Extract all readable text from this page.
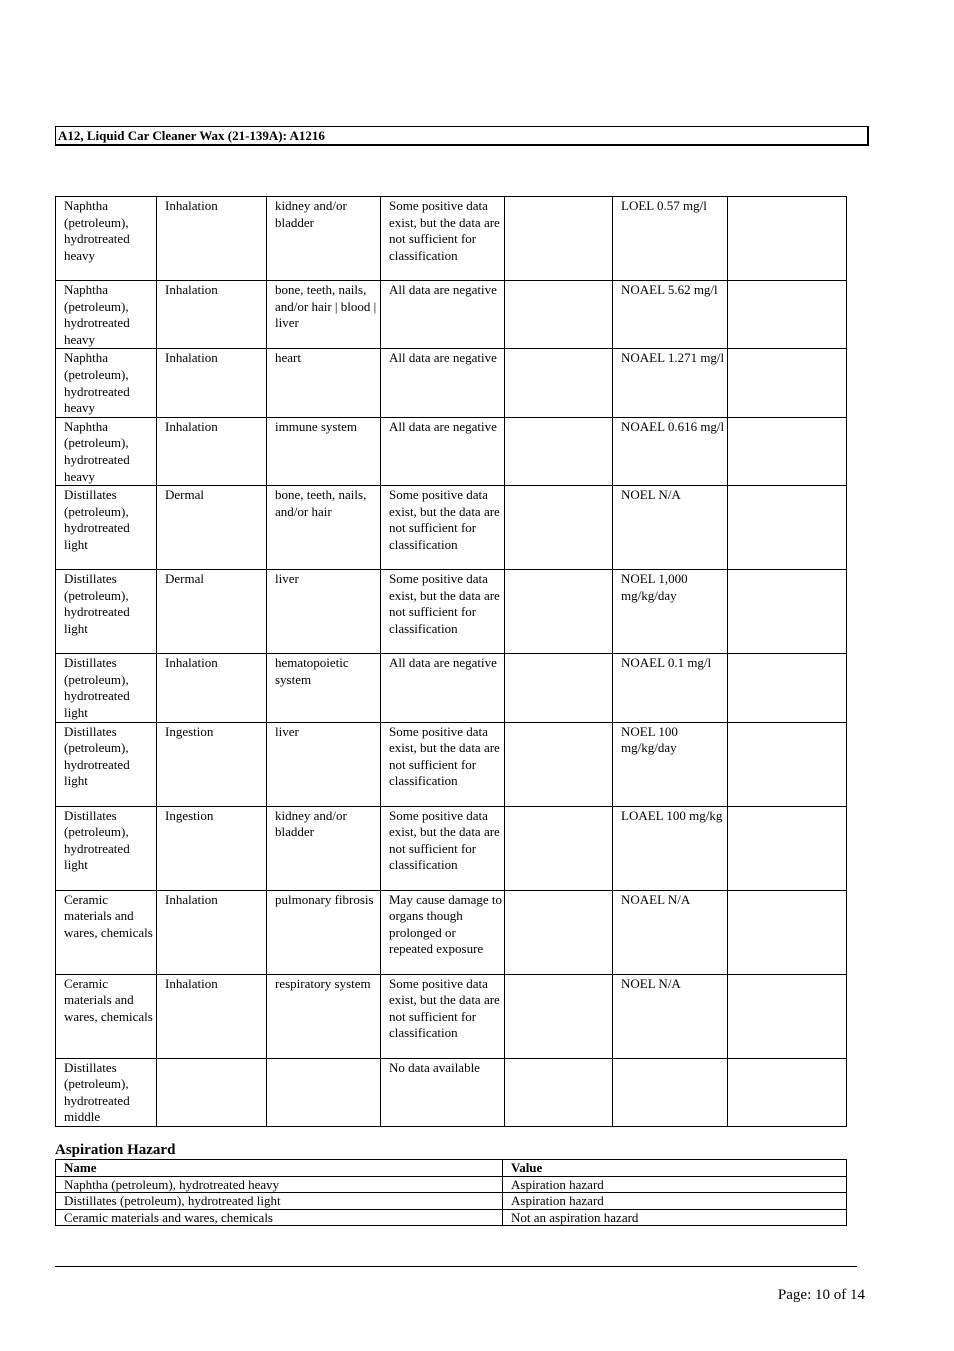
A12, Liquid Car Cleaner Wax (21-139A): A1216
Naphtha (petroleum), hydrotreated heavy	Inhalation	kidney and/or bladder	Some positive data exist, but the data are not sufficient for classification		LOEL 0.57 mg/l	
Naphtha (petroleum), hydrotreated heavy	Inhalation	bone, teeth, nails, and/or hair | blood | liver	All data are negative		NOAEL 5.62 mg/l	
Naphtha (petroleum), hydrotreated heavy	Inhalation	heart	All data are negative		NOAEL 1.271 mg/l	
Naphtha (petroleum), hydrotreated heavy	Inhalation	immune system	All data are negative		NOAEL 0.616 mg/l	
Distillates (petroleum), hydrotreated light	Dermal	bone, teeth, nails, and/or hair	Some positive data exist, but the data are not sufficient for classification		NOEL N/A	
Distillates (petroleum), hydrotreated light	Dermal	liver	Some positive data exist, but the data are not sufficient for classification		NOEL 1,000 mg/kg/day	
Distillates (petroleum), hydrotreated light	Inhalation	hematopoietic system	All data are negative		NOAEL 0.1 mg/l	
Distillates (petroleum), hydrotreated light	Ingestion	liver	Some positive data exist, but the data are not sufficient for classification		NOEL 100 mg/kg/day	
Distillates (petroleum), hydrotreated light	Ingestion	kidney and/or bladder	Some positive data exist, but the data are not sufficient for classification		LOAEL 100 mg/kg	
Ceramic materials and wares, chemicals	Inhalation	pulmonary fibrosis	May cause damage to organs though prolonged or repeated exposure		NOAEL N/A	
Ceramic materials and wares, chemicals	Inhalation	respiratory system	Some positive data exist, but the data are not sufficient for classification		NOEL N/A	
Distillates (petroleum), hydrotreated middle			No data available			
Aspiration Hazard
Name	Value
Naphtha (petroleum), hydrotreated heavy	Aspiration hazard
Distillates (petroleum), hydrotreated light	Aspiration hazard
Ceramic materials and wares, chemicals	Not an aspiration hazard
Page: 10 of 14
